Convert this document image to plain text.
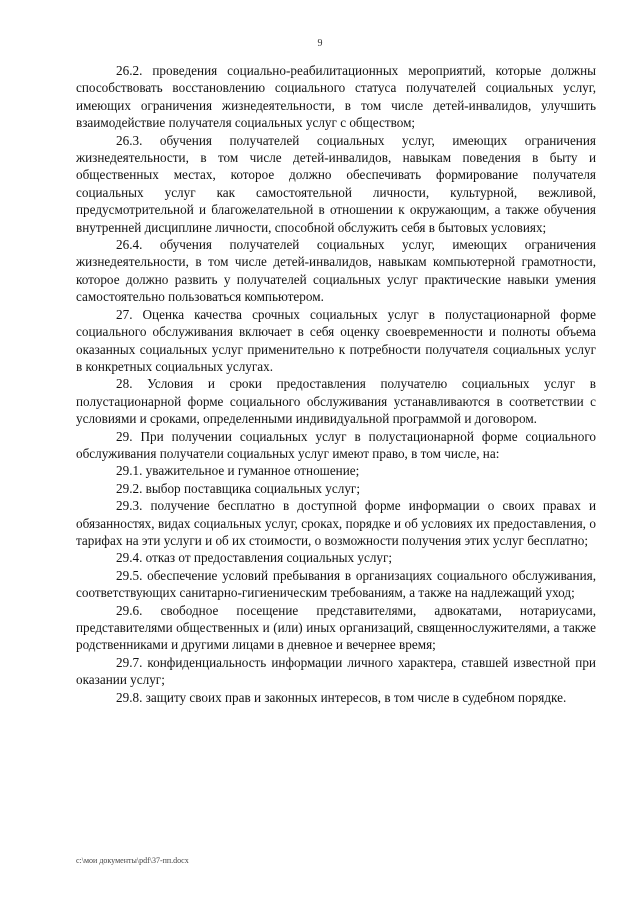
9

26.2. проведения социально-реабилитационных мероприятий, которые должны способствовать восстановлению социального статуса получателей социальных услуг, имеющих ограничения жизнедеятельности, в том числе детей-инвалидов, улучшить взаимодействие получателя социальных услуг с обществом;

26.3. обучения получателей социальных услуг, имеющих ограничения жизнедеятельности, в том числе детей-инвалидов, навыкам поведения в быту и общественных местах, которое должно обеспечивать формирование получателя социальных услуг как самостоятельной личности, культурной, вежливой, предусмотрительной и благожелательной в отношении к окружающим, а также обучения внутренней дисциплине личности, способной обслужить себя в бытовых условиях;

26.4. обучения получателей социальных услуг, имеющих ограничения жизнедеятельности, в том числе детей-инвалидов, навыкам компьютерной грамотности, которое должно развить у получателей социальных услуг практические навыки умения самостоятельно пользоваться компьютером.

27. Оценка качества срочных социальных услуг в полустационарной форме социального обслуживания включает в себя оценку своевременности и полноты объема оказанных социальных услуг применительно к потребности получателя социальных услуг в конкретных социальных услугах.

28. Условия и сроки предоставления получателю социальных услуг в полустационарной форме социального обслуживания устанавливаются в соответствии с условиями и сроками, определенными индивидуальной программой и договором.

29. При получении социальных услуг в полустационарной форме социального обслуживания получатели социальных услуг имеют право, в том числе, на:

29.1. уважительное и гуманное отношение;

29.2. выбор поставщика социальных услуг;

29.3. получение бесплатно в доступной форме информации о своих правах и обязанностях, видах социальных услуг, сроках, порядке и об условиях их предоставления, о тарифах на эти услуги и об их стоимости, о возможности получения этих услуг бесплатно;

29.4. отказ от предоставления социальных услуг;

29.5. обеспечение условий пребывания в организациях социального обслуживания, соответствующих санитарно-гигиеническим требованиям, а также на надлежащий уход;

29.6. свободное посещение представителями, адвокатами, нотариусами, представителями общественных и (или) иных организаций, священнослужителями, а также родственниками и другими лицами в дневное и вечернее время;

29.7. конфиденциальность информации личного характера, ставшей известной при оказании услуг;

29.8. защиту своих прав и законных интересов, в том числе в судебном порядке.

c:\мои документы\pdf\37-пп.docx
